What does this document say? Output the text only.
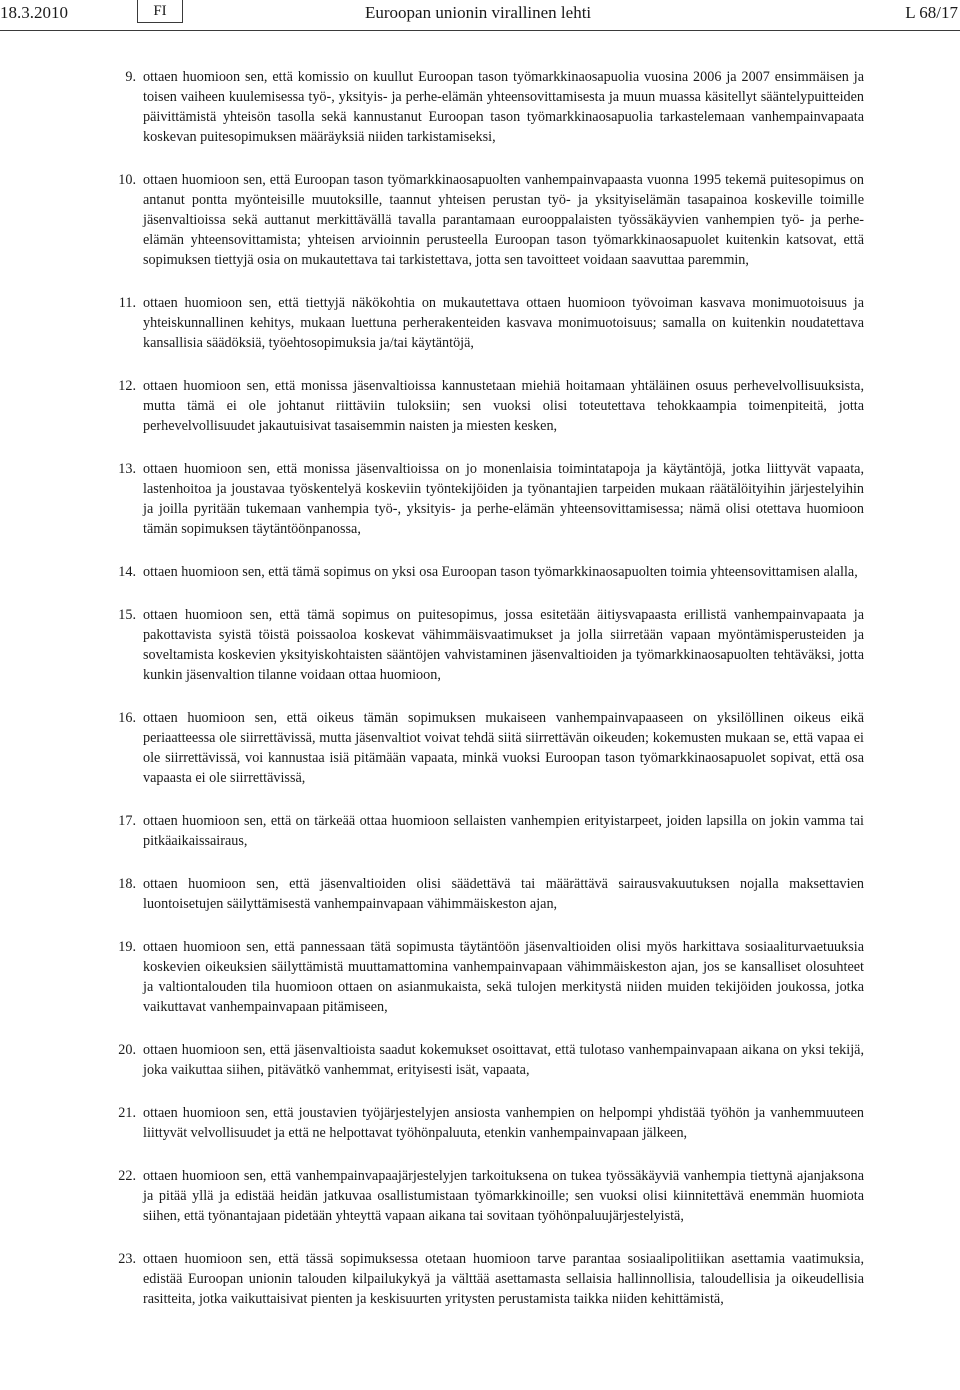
18.3.2010	FI	Euroopan unionin virallinen lehti	L 68/17
9. ottaen huomioon sen, että komissio on kuullut Euroopan tason työmarkkinaosapuolia vuosina 2006 ja 2007 ensimmäisen ja toisen vaiheen kuulemisessa työ-, yksityis- ja perhe-elämän yhteensovittamisesta ja muun muassa käsitellyt sääntelypuitteiden päivittämistä yhteisön tasolla sekä kannustanut Euroopan tason työmarkkinaosapuolia tarkastelemaan vanhempainvapaata koskevan puitesopimuksen määräyksiä niiden tarkistamiseksi,
10. ottaen huomioon sen, että Euroopan tason työmarkkinaosapuolten vanhempainvapaasta vuonna 1995 tekemä puitesopimus on antanut pontta myönteisille muutoksille, taannut yhteisen perustan työ- ja yksityiselämän tasapainoa koskeville toimille jäsenvaltioissa sekä auttanut merkittävällä tavalla parantamaan eurooppalaisten työssäkäyvien vanhempien työ- ja perhe-elämän yhteensovittamista; yhteisen arvioinnin perusteella Euroopan tason työmarkkinaosapuolet kuitenkin katsovat, että sopimuksen tiettyjä osia on mukautettava tai tarkistettava, jotta sen tavoitteet voidaan saavuttaa paremmin,
11. ottaen huomioon sen, että tiettyjä näkökohtia on mukautettava ottaen huomioon työvoiman kasvava monimuotoisuus ja yhteiskunnallinen kehitys, mukaan luettuna perherakenteiden kasvava monimuotoisuus; samalla on kuitenkin noudatettava kansallisia säädöksiä, työehtosopimuksia ja/tai käytäntöjä,
12. ottaen huomioon sen, että monissa jäsenvaltioissa kannustetaan miehiä hoitamaan yhtäläinen osuus perhevelvollisuuksista, mutta tämä ei ole johtanut riittäviin tuloksiin; sen vuoksi olisi toteutettava tehokkaampia toimenpiteitä, jotta perhevelvollisuudet jakautuisivat tasaisemmin naisten ja miesten kesken,
13. ottaen huomioon sen, että monissa jäsenvaltioissa on jo monenlaisia toimintatapoja ja käytäntöjä, jotka liittyvät vapaata, lastenhoitoa ja joustavaa työskentelyä koskeviin työntekijöiden ja työnantajien tarpeiden mukaan räätälöityihin järjestelyihin ja joilla pyritään tukemaan vanhempia työ-, yksityis- ja perhe-elämän yhteensovittamisessa; nämä olisi otettava huomioon tämän sopimuksen täytäntöönpanossa,
14. ottaen huomioon sen, että tämä sopimus on yksi osa Euroopan tason työmarkkinaosapuolten toimia yhteensovittamisen alalla,
15. ottaen huomioon sen, että tämä sopimus on puitesopimus, jossa esitetään äitiysvapaasta erillistä vanhempainvapaata ja pakottavista syistä töistä poissaoloa koskevat vähimmäisvaatimukset ja jolla siirretään vapaan myöntämisperusteiden ja soveltamista koskevien yksityiskohtaisten sääntöjen vahvistaminen jäsenvaltioiden ja työmarkkinaosapuolten tehtäväksi, jotta kunkin jäsenvaltion tilanne voidaan ottaa huomioon,
16. ottaen huomioon sen, että oikeus tämän sopimuksen mukaiseen vanhempainvapaaseen on yksilöllinen oikeus eikä periaatteessa ole siirrettävissä, mutta jäsenvaltiot voivat tehdä siitä siirrettävän oikeuden; kokemusten mukaan se, että vapaa ei ole siirrettävissä, voi kannustaa isiä pitämään vapaata, minkä vuoksi Euroopan tason työmarkkinaosapuolet sopivat, että osa vapaasta ei ole siirrettävissä,
17. ottaen huomioon sen, että on tärkeää ottaa huomioon sellaisten vanhempien erityistarpeet, joiden lapsilla on jokin vamma tai pitkäaikaissairaus,
18. ottaen huomioon sen, että jäsenvaltioiden olisi säädettävä tai määrättävä sairausvakuutuksen nojalla maksettavien luontoisetujen säilyttämisestä vanhempainvapaan vähimmäiskeston ajan,
19. ottaen huomioon sen, että pannessaan tätä sopimusta täytäntöön jäsenvaltioiden olisi myös harkittava sosiaaliturvaetuuksia koskevien oikeuksien säilyttämistä muuttamattomina vanhempainvapaan vähimmäiskeston ajan, jos se kansalliset olosuhteet ja valtiontalouden tila huomioon ottaen on asianmukaista, sekä tulojen merkitystä niiden muiden tekijöiden joukossa, jotka vaikuttavat vanhempainvapaan pitämiseen,
20. ottaen huomioon sen, että jäsenvaltioista saadut kokemukset osoittavat, että tulotaso vanhempainvapaan aikana on yksi tekijä, joka vaikuttaa siihen, pitävätkö vanhemmat, erityisesti isät, vapaata,
21. ottaen huomioon sen, että joustavien työjärjestelyjen ansiosta vanhempien on helpompi yhdistää työhön ja vanhemmuuteen liittyvät velvollisuudet ja että ne helpottavat työhönpaluuta, etenkin vanhempainvapaan jälkeen,
22. ottaen huomioon sen, että vanhempainvapaajärjestelyjen tarkoituksena on tukea työssäkäyviä vanhempia tiettynä ajanjaksona ja pitää yllä ja edistää heidän jatkuvaa osallistumistaan työmarkkinoille; sen vuoksi olisi kiinnitettävä enemmän huomiota siihen, että työnantajaan pidetään yhteyttä vapaan aikana tai sovitaan työhönpaluujärjestelyistä,
23. ottaen huomioon sen, että tässä sopimuksessa otetaan huomioon tarve parantaa sosiaalipolitiikan asettamia vaatimuksia, edistää Euroopan unionin talouden kilpailukykyä ja välttää asettamasta sellaisia hallinnollisia, taloudellisia ja oikeudellisia rasitteita, jotka vaikuttaisivat pienten ja keskisuurten yritysten perustamista taikka niiden kehittämistä,
